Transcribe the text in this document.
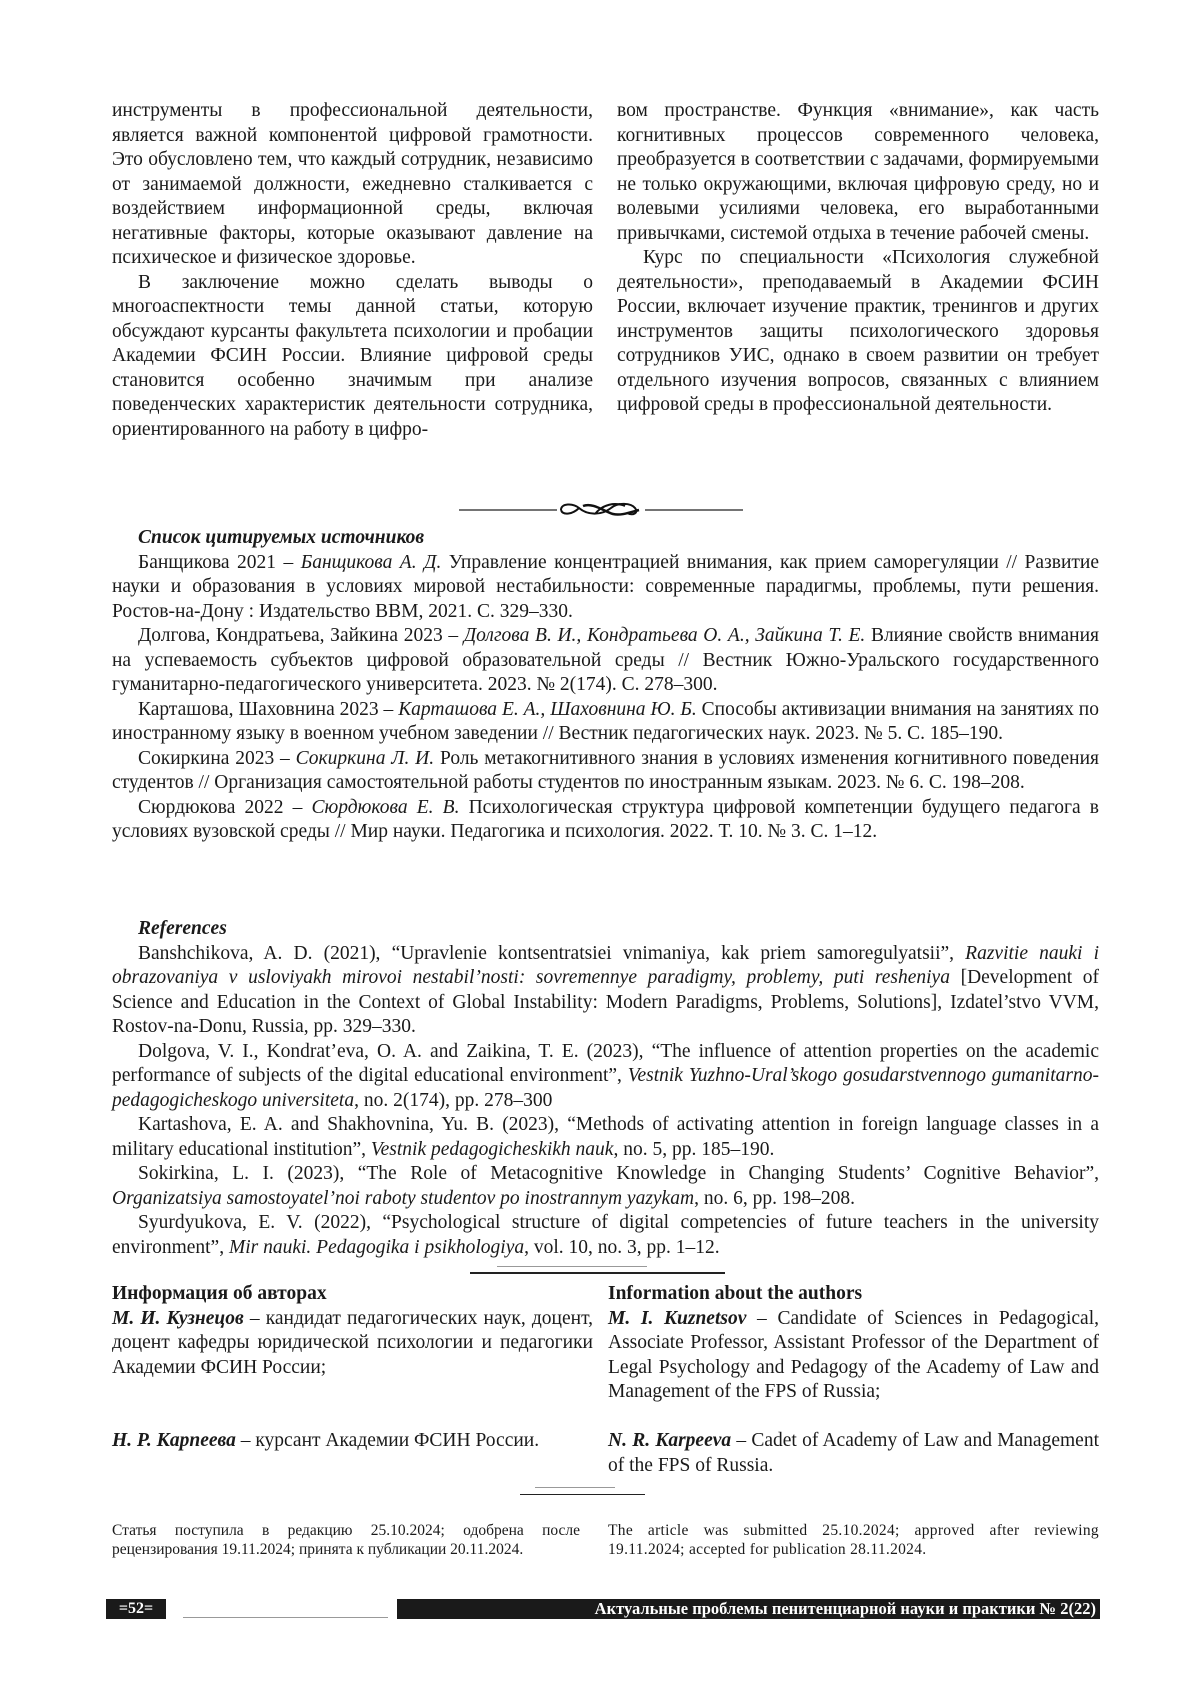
инструменты в профессиональной деятельности, является важной компонентой цифровой грамотности. Это обусловлено тем, что каждый сотрудник, независимо от занимаемой должности, ежедневно сталкивается с воздействием информационной среды, включая негативные факторы, которые оказывают давление на психическое и физическое здоровье.

В заключение можно сделать выводы о многоаспектности темы данной статьи, которую обсуждают курсанты факультета психологии и пробации Академии ФСИН России. Влияние цифровой среды становится особенно значимым при анализе поведенческих характеристик деятельности сотрудника, ориентированного на работу в цифро-

вом пространстве. Функция «внимание», как часть когнитивных процессов современного человека, преобразуется в соответствии с задачами, формируемыми не только окружающими, включая цифровую среду, но и волевыми усилиями человека, его выработанными привычками, системой отдыха в течение рабочей смены.

Курс по специальности «Психология служебной деятельности», преподаваемый в Академии ФСИН России, включает изучение практик, тренингов и других инструментов защиты психологического здоровья сотрудников УИС, однако в своем развитии он требует отдельного изучения вопросов, связанных с влиянием цифровой среды в профессиональной деятельности.

Список цитируемых источников

Банщикова 2021 – Банщикова А. Д. Управление концентрацией внимания, как прием саморегуляции // Развитие науки и образования в условиях мировой нестабильности: современные парадигмы, проблемы, пути решения. Ростов-на-Дону : Издательство ВВМ, 2021. С. 329–330.

Долгова, Кондратьева, Зайкина 2023 – Долгова В. И., Кондратьева О. А., Зайкина Т. Е. Влияние свойств внимания на успеваемость субъектов цифровой образовательной среды // Вестник Южно-Уральского государственного гуманитарно-педагогического университета. 2023. № 2(174). С. 278–300.

Карташова, Шаховнина 2023 – Карташова Е. А., Шаховнина Ю. Б. Способы активизации внимания на занятиях по иностранному языку в военном учебном заведении // Вестник педагогических наук. 2023. № 5. С. 185–190.

Сокиркина 2023 – Сокиркина Л. И. Роль метакогнитивного знания в условиях изменения когнитивного поведения студентов // Организация самостоятельной работы студентов по иностранным языкам. 2023. № 6. С. 198–208.

Сюрдюкова 2022 – Сюрдюкова Е. В. Психологическая структура цифровой компетенции будущего педагога в условиях вузовской среды // Мир науки. Педагогика и психология. 2022. Т. 10. № 3. С. 1–12.

References

Banshchikova, A. D. (2021), “Upravlenie kontsentratsiei vnimaniya, kak priem samoregulyatsii”, Razvitie nauki i obrazovaniya v usloviyakh mirovoi nestabil’nosti: sovremennye paradigmy, problemy, puti resheniya [Development of Science and Education in the Context of Global Instability: Modern Paradigms, Problems, Solutions], Izdatel’stvo VVM, Rostov-na-Donu, Russia, pp. 329–330.

Dolgova, V. I., Kondrat’eva, O. A. and Zaikina, T. E. (2023), “The influence of attention properties on the academic performance of subjects of the digital educational environment”, Vestnik Yuzhno-Ural’skogo gosudarstvennogo gumanitarno-pedagogicheskogo universiteta, no. 2(174), pp. 278–300

Kartashova, E. A. and Shakhovnina, Yu. B. (2023), “Methods of activating attention in foreign language classes in a military educational institution”, Vestnik pedagogicheskikh nauk, no. 5, pp. 185–190.

Sokirkina, L. I. (2023), “The Role of Metacognitive Knowledge in Changing Students’ Cognitive Behavior”, Organizatsiya samostoyatel’noi raboty studentov po inostrannym yazykam, no. 6, pp. 198–208.

Syurdyukova, E. V. (2022), “Psychological structure of digital competencies of future teachers in the university environment”, Mir nauki. Pedagogika i psikhologiya, vol. 10, no. 3, pp. 1–12.

Информация об авторах

М. И. Кузнецов – кандидат педагогических наук, доцент, доцент кафедры юридической психологии и педагогики Академии ФСИН России;

Н. Р. Карпеева – курсант Академии ФСИН России.

Information about the authors

M. I. Kuznetsov – Candidate of Sciences in Pedagogical, Associate Professor, Assistant Professor of the Department of Legal Psychology and Pedagogy of the Academy of Law and Management of the FPS of Russia;

N. R. Karpeeva – Cadet of Academy of Law and Management of the FPS of Russia.

Статья поступила в редакцию 25.10.2024; одобрена после рецензирования 19.11.2024; принята к публикации 20.11.2024.
The article was submitted 25.10.2024; approved after reviewing 19.11.2024; accepted for publication 28.11.2024.
=52=	Актуальные проблемы пенитенциарной науки и практики № 2(22)
